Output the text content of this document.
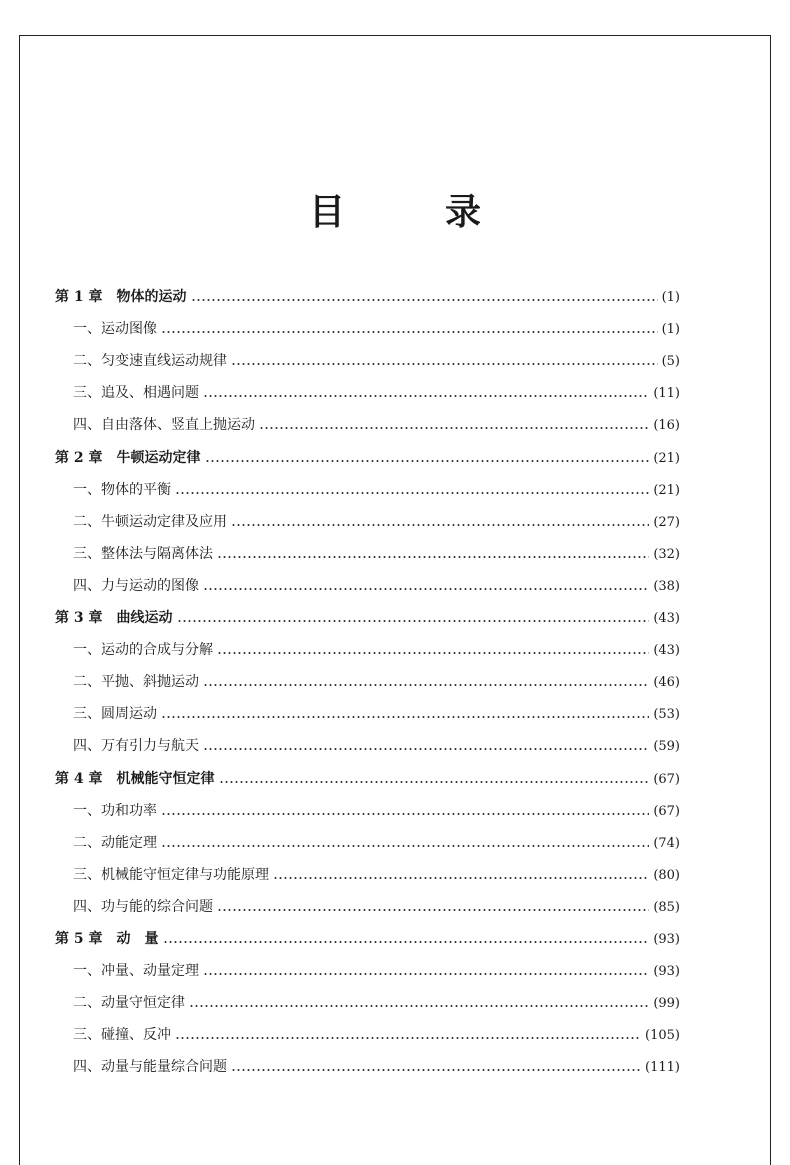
目　录
第 1 章　物体的运动	(1)
一、运动图像	(1)
二、匀变速直线运动规律	(5)
三、追及、相遇问题	(11)
四、自由落体、竖直上抛运动	(16)
第 2 章　牛顿运动定律	(21)
一、物体的平衡	(21)
二、牛顿运动定律及应用	(27)
三、整体法与隔离体法	(32)
四、力与运动的图像	(38)
第 3 章　曲线运动	(43)
一、运动的合成与分解	(43)
二、平抛、斜抛运动	(46)
三、圆周运动	(53)
四、万有引力与航天	(59)
第 4 章　机械能守恒定律	(67)
一、功和功率	(67)
二、动能定理	(74)
三、机械能守恒定律与功能原理	(80)
四、功与能的综合问题	(85)
第 5 章　动　量	(93)
一、冲量、动量定理	(93)
二、动量守恒定律	(99)
三、碰撞、反冲	(105)
四、动量与能量综合问题	(111)
